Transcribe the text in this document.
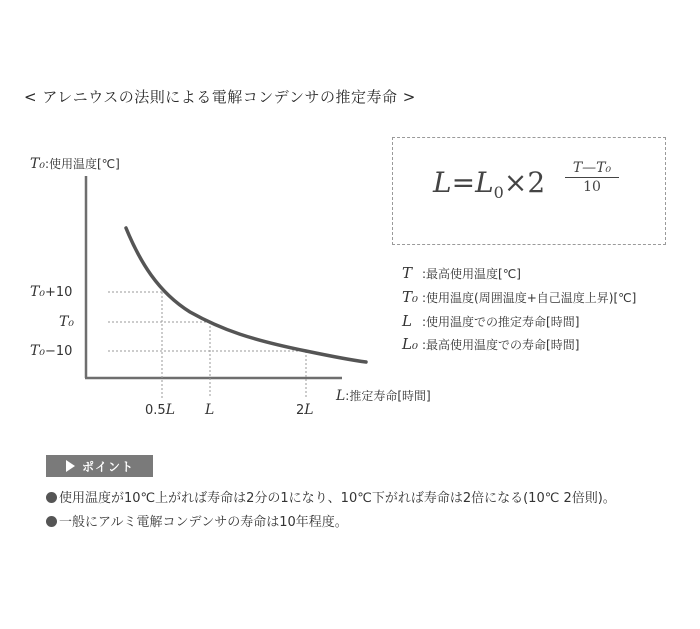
< アレニウスの法則による電解コンデンサの推定寿命 >
T₀:使用温度[℃]
T₀+10
T₀
T₀−10
0.5L L	2L
L:推定寿命[時間]
$L=L_0\times 2 \frac{\text{T—T₀}}{10}$
T :最高使用温度[℃]
T₀ :使用温度(周囲温度+自己温度上昇)[℃]
L :使用温度での推定寿命[時間]
L₀ :最高使用温度での寿命[時間]
ポイント
使用温度が10℃上がれば寿命は2分の1になり、10℃下がれば寿命は2倍になる(10℃ 2倍則)。
一般にアルミ電解コンデンサの寿命は10年程度。
